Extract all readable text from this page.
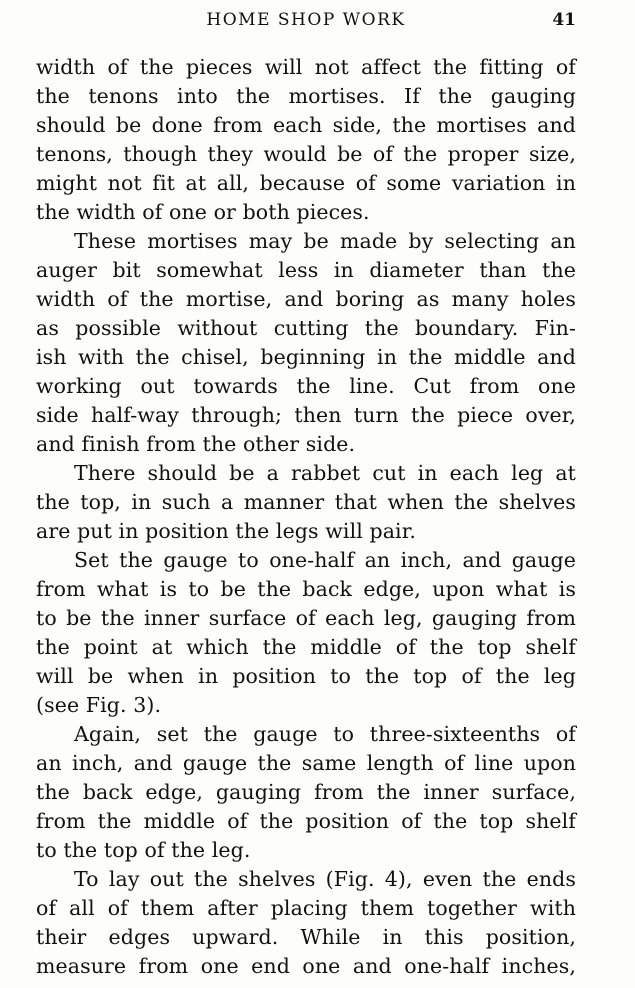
HOME SHOP WORK	41
width of the pieces will not affect the fitting of
the tenons into the mortises. If the gauging
should be done from each side, the mortises and
tenons, though they would be of the proper size,
might not fit at all, because of some variation in
the width of one or both pieces.
These mortises may be made by selecting an
auger bit somewhat less in diameter than the
width of the mortise, and boring as many holes
as possible without cutting the boundary. Fin-
ish with the chisel, beginning in the middle and
working out towards the line. Cut from one
side half-way through; then turn the piece over,
and finish from the other side.
There should be a rabbet cut in each leg at
the top, in such a manner that when the shelves
are put in position the legs will pair.
Set the gauge to one-half an inch, and gauge
from what is to be the back edge, upon what is
to be the inner surface of each leg, gauging from
the point at which the middle of the top shelf
will be when in position to the top of the leg
(see Fig. 3).
Again, set the gauge to three-sixteenths of
an inch, and gauge the same length of line upon
the back edge, gauging from the inner surface,
from the middle of the position of the top shelf
to the top of the leg.
To lay out the shelves (Fig. 4), even the ends
of all of them after placing them together with
their edges upward. While in this position,
measure from one end one and one-half inches,
